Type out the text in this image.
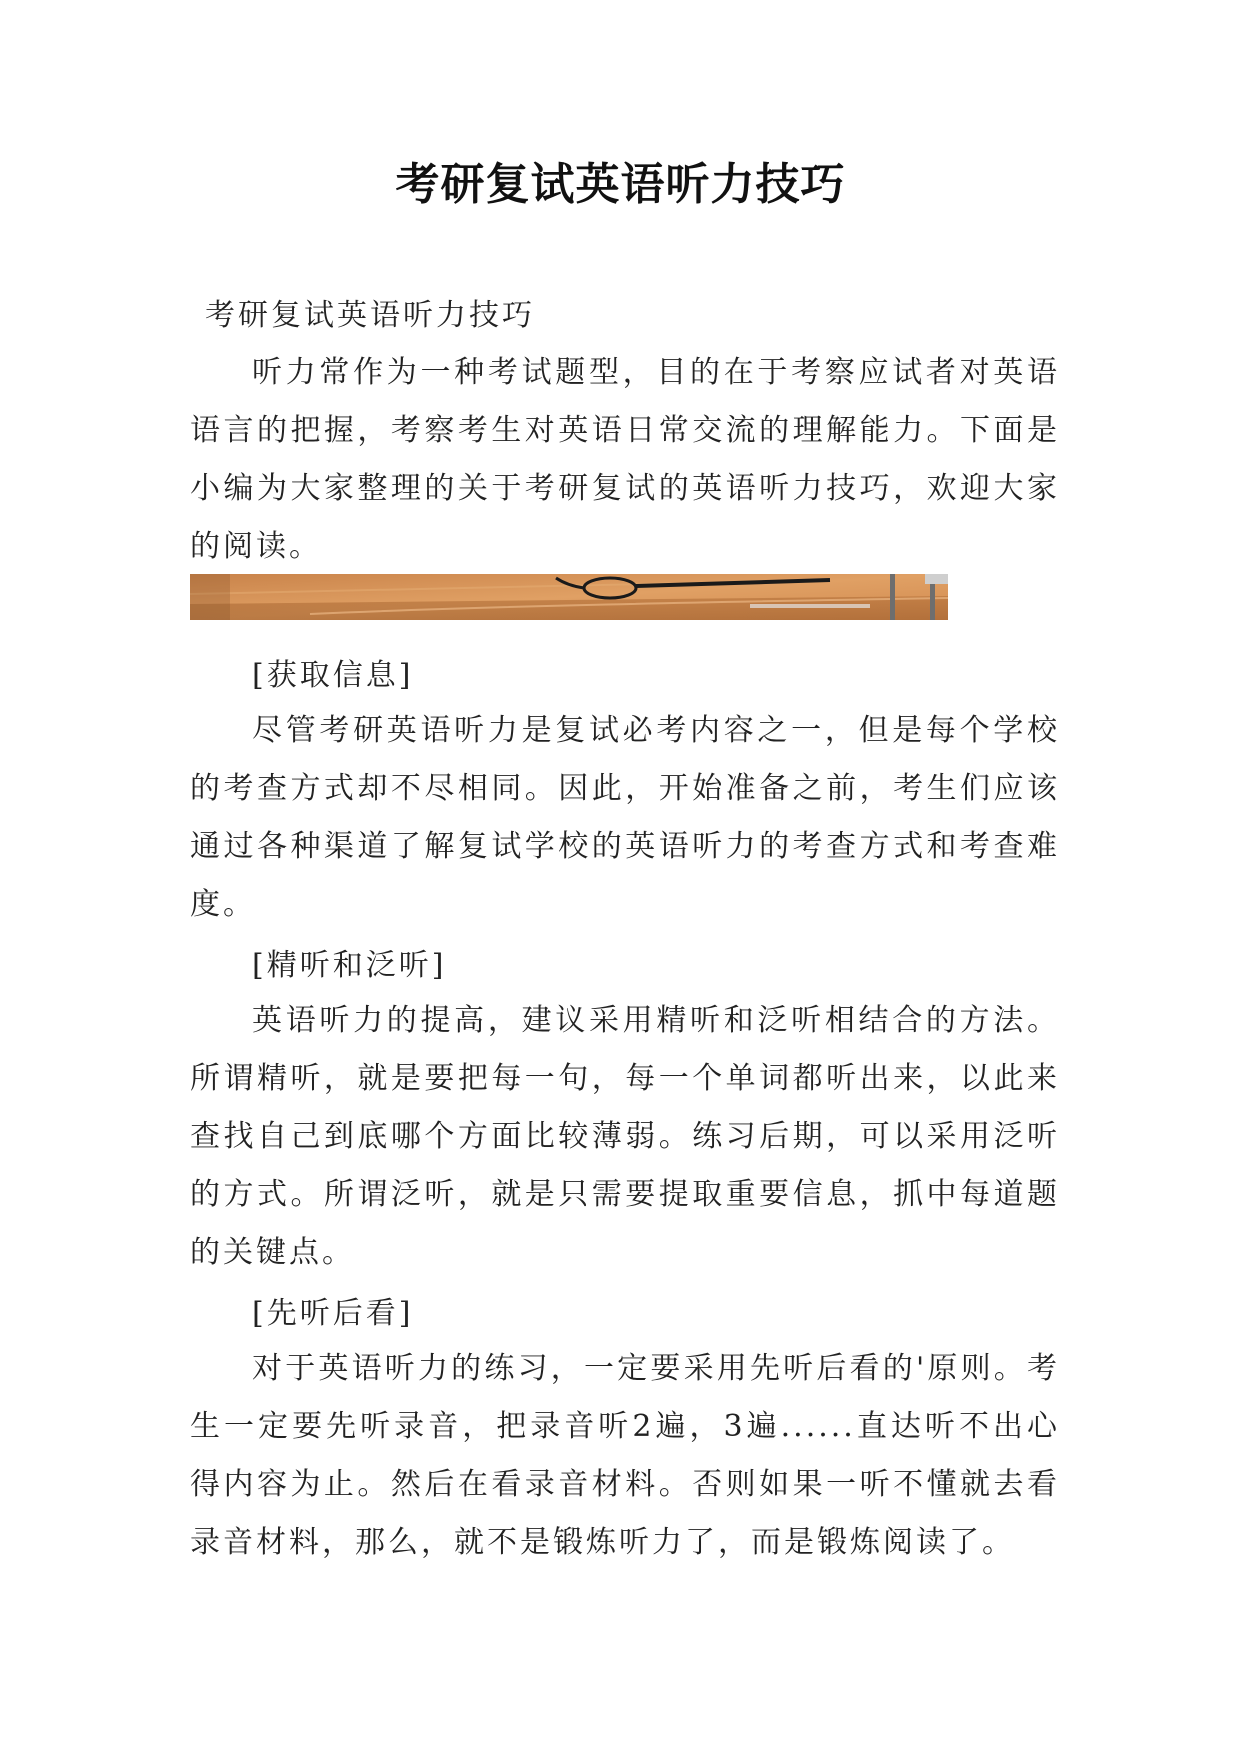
考研复试英语听力技巧

考研复试英语听力技巧

听力常作为一种考试题型，目的在于考察应试者对英语语言的把握，考察考生对英语日常交流的理解能力。下面是小编为大家整理的关于考研复试的英语听力技巧，欢迎大家的阅读。

[获取信息]

尽管考研英语听力是复试必考内容之一，但是每个学校的考查方式却不尽相同。因此，开始准备之前，考生们应该通过各种渠道了解复试学校的英语听力的考查方式和考查难度。

[精听和泛听]

英语听力的提高，建议采用精听和泛听相结合的方法。所谓精听，就是要把每一句，每一个单词都听出来，以此来查找自己到底哪个方面比较薄弱。练习后期，可以采用泛听的方式。所谓泛听，就是只需要提取重要信息，抓中每道题的关键点。

[先听后看]

对于英语听力的练习，一定要采用先听后看的'原则。考生一定要先听录音，把录音听2遍，3遍......直达听不出心得内容为止。然后在看录音材料。否则如果一听不懂就去看录音材料，那么，就不是锻炼听力了，而是锻炼阅读了。
